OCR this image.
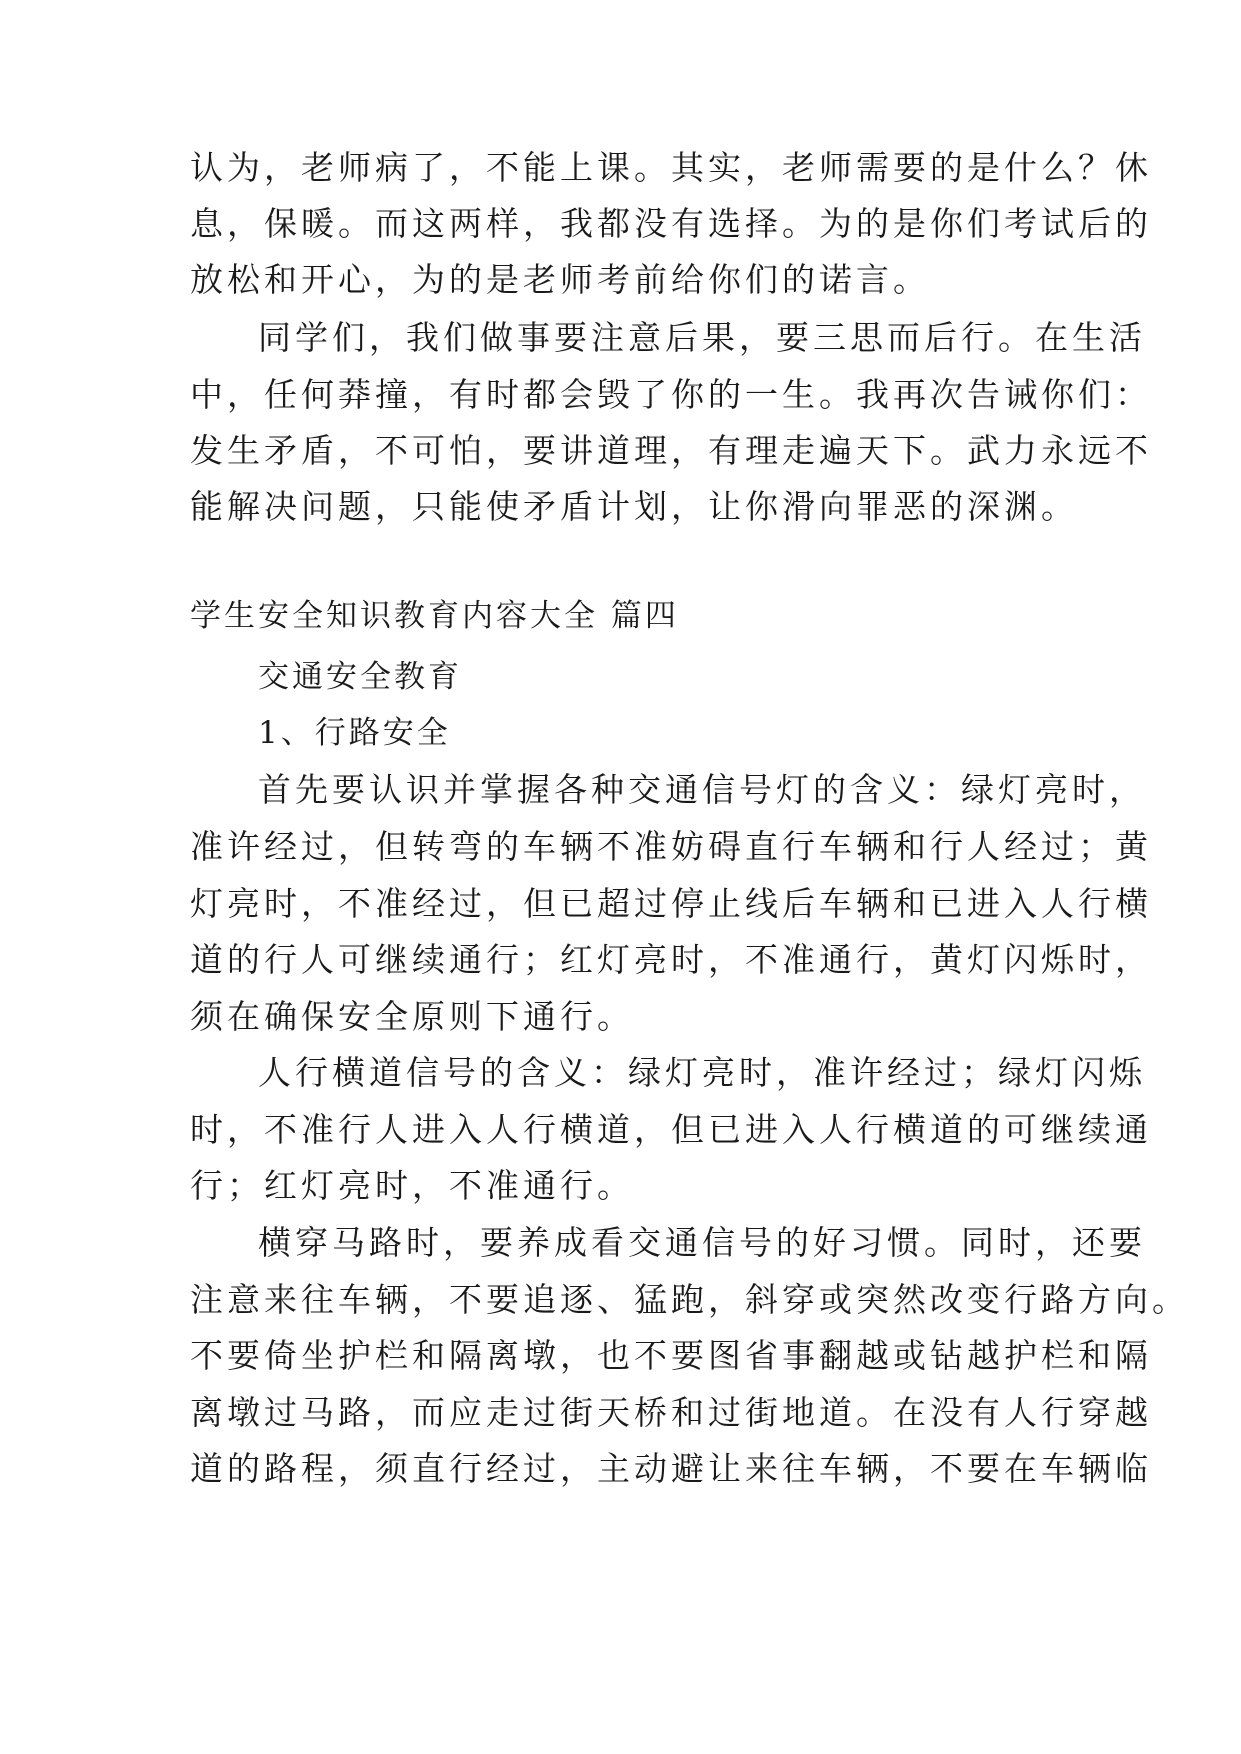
认为，老师病了，不能上课。其实，老师需要的是什么？休
息，保暖。而这两样，我都没有选择。为的是你们考试后的
放松和开心，为的是老师考前给你们的诺言。
同学们，我们做事要注意后果，要三思而后行。在生活
中，任何莽撞，有时都会毁了你的一生。我再次告诫你们：
发生矛盾，不可怕，要讲道理，有理走遍天下。武力永远不
能解决问题，只能使矛盾计划，让你滑向罪恶的深渊。
学生安全知识教育内容大全 篇四
交通安全教育
1、行路安全
首先要认识并掌握各种交通信号灯的含义：绿灯亮时，
准许经过，但转弯的车辆不准妨碍直行车辆和行人经过；黄
灯亮时，不准经过，但已超过停止线后车辆和已进入人行横
道的行人可继续通行；红灯亮时，不准通行，黄灯闪烁时，
须在确保安全原则下通行。
人行横道信号的含义：绿灯亮时，准许经过；绿灯闪烁
时，不准行人进入人行横道，但已进入人行横道的可继续通
行；红灯亮时，不准通行。
横穿马路时，要养成看交通信号的好习惯。同时，还要
注意来往车辆，不要追逐、猛跑，斜穿或突然改变行路方向。
不要倚坐护栏和隔离墩，也不要图省事翻越或钻越护栏和隔
离墩过马路，而应走过街天桥和过街地道。在没有人行穿越
道的路程，须直行经过，主动避让来往车辆，不要在车辆临
